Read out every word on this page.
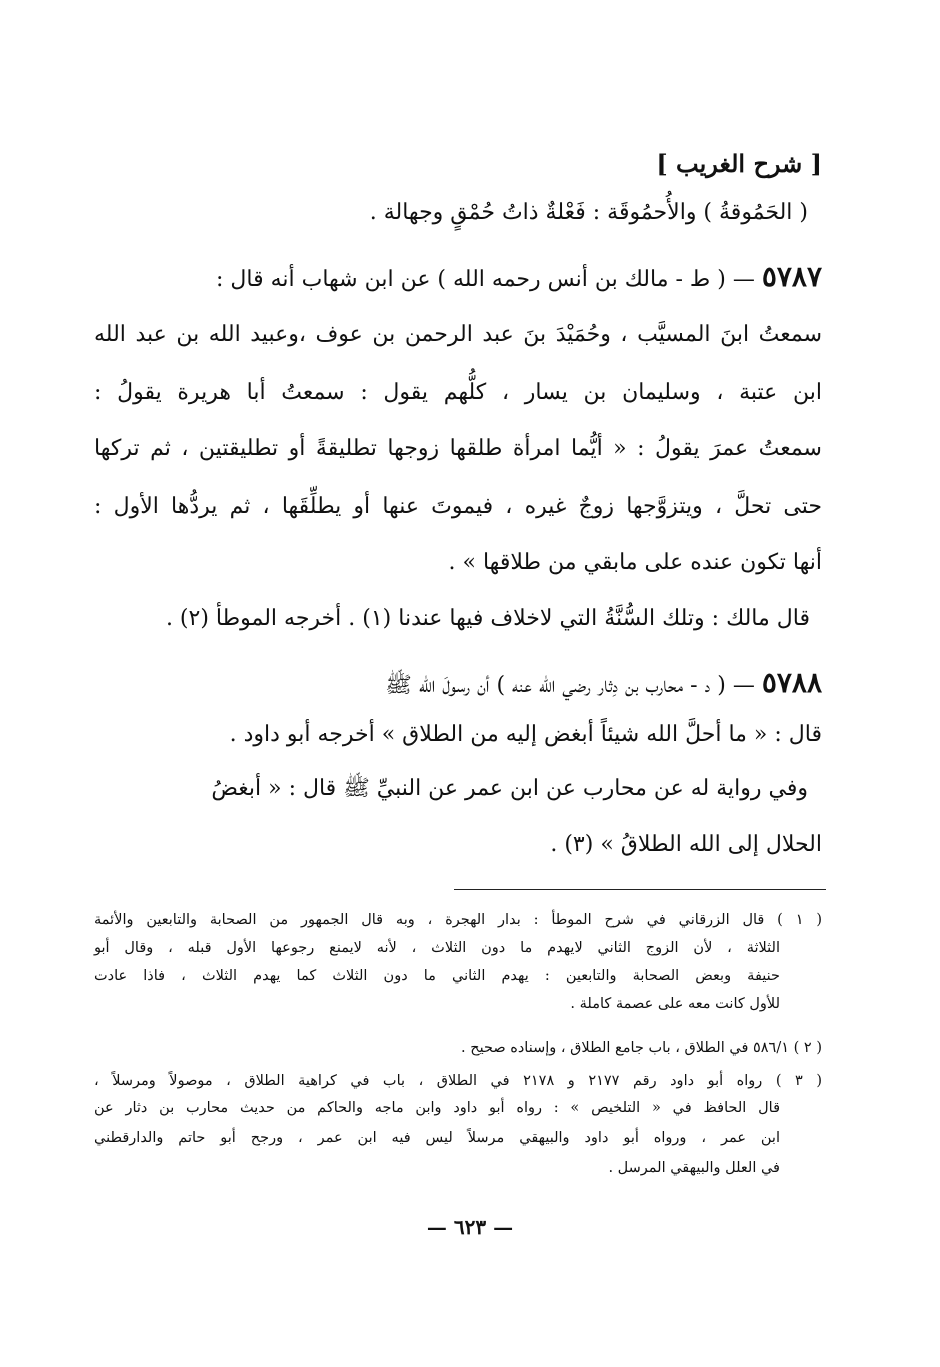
[ شرح الغريب ]
( الحَمُوقةُ ) والأُحمُوقَة : فَعْلةٌ ذاتُ حُمْقٍ وجهالة .
٥٧٨٧ — ( ط - مالك بن أنس رحمه الله ) عن ابن شهاب أنه قال :
سمعتُ ابنَ المسيَّب ، وحُمَيْدَ بنَ عبد الرحمن بن عوف ،وعبيد الله بن عبد الله
ابن عتبة ، وسليمان بن يسار ، كلُّهم يقول : سمعتُ أبا هريرة يقولُ :
سمعتُ عمرَ يقولُ : « أيُّما امرأة طلقها زوجها تطليقةً أو تطليقتين ، ثم تركها
حتى تحلَّ ، ويتزوَّجها زوجٌ غيره ، فيموتَ عنها أو يطلِّقَها ، ثم يردُّها الأول :
أنها تكون عنده على مابقي من طلاقها » .
قال مالك : وتلك السُّنَّةُ التي لاخلاف فيها عندنا (١) . أخرجه الموطأ (٢) .
٥٧٨٨ — ( د - محارب بن دِثار رضي الله عنه ) أن رسولَ الله ﷺ
قال : « ما أحلَّ الله شيئاً أبغض إليه من الطلاق » أخرجه أبو داود .
وفي رواية له عن محارب عن ابن عمر عن النبيِّ ﷺ قال : « أبغضُ
الحلال إلى الله الطلاقُ » (٣) .
( ١ ) قال الزرقاني في شرح الموطأ : بدار الهجرة ، وبه قال الجمهور من الصحابة والتابعين والأئمة
الثلاثة ، لأن الزوج الثاني لايهدم ما دون الثلاث ، لأنه لايمنع رجوعها الأول قبله ، وقال أبو
حنيفة وبعض الصحابة والتابعين : يهدم الثاني ما دون الثلاث كما يهدم الثلاث ، فاذا عادت
للأول كانت معه على عصمة كاملة .
( ٢ ) ٥٨٦/١ في الطلاق ، باب جامع الطلاق ، وإسناده صحيح .
( ٣ ) رواه أبو داود رقم ٢١٧٧ و ٢١٧٨ في الطلاق ، باب في كراهية الطلاق ، موصولاً ومرسلاً ،
قال الحافظ في « التلخيص » : رواه أبو داود وابن ماجه والحاكم من حديث محارب بن دثار عن
ابن عمر ، ورواه أبو داود والبيهقي مرسلاً ليس فيه ابن عمر ، ورجح أبو حاتم والدارقطني
في العلل والبيهقي المرسل .
— ٦٢٣ —
